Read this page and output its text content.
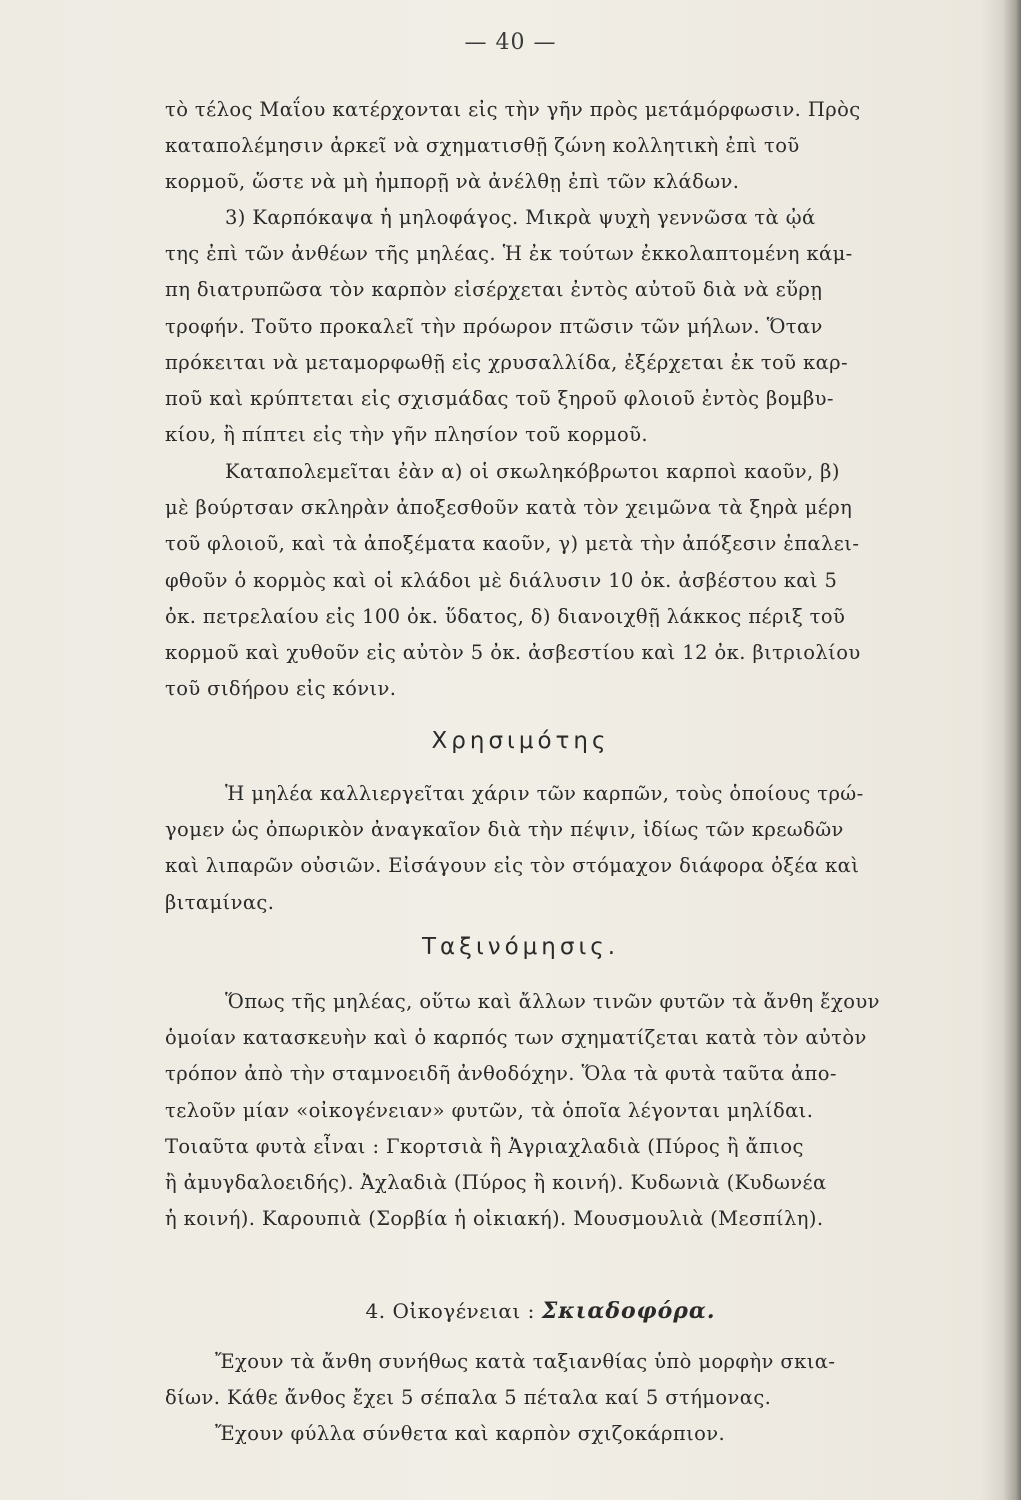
— 40 —
τὸ τέλος Μαΐου κατέρχονται εἰς τὴν γῆν πρὸς μετάμόρφωσιν. Πρὸς
καταπολέμησιν ἀρκεῖ νὰ σχηματισθῇ ζώνη κολλητικὴ ἐπὶ τοῦ
κορμοῦ, ὥστε νὰ μὴ ἠμπορῇ νὰ ἀνέλθῃ ἐπὶ τῶν κλάδων.
3) Καρπόκαψα ἡ μηλοφάγος. Μικρὰ ψυχὴ γεννῶσα τὰ ᾠά
της ἐπὶ τῶν ἀνθέων τῆς μηλέας. Ἡ ἐκ τούτων ἐκκολαπτομένη κάμ-
πη διατρυπῶσα τὸν καρπὸν εἰσέρχεται ἐντὸς αὐτοῦ διὰ νὰ εὕρῃ
τροφήν. Τοῦτο προκαλεῖ τὴν πρόωρον πτῶσιν τῶν μήλων. Ὅταν
πρόκειται νὰ μεταμορφωθῇ εἰς χρυσαλλίδα, ἐξέρχεται ἐκ τοῦ καρ-
ποῦ καὶ κρύπτεται εἰς σχισμάδας τοῦ ξηροῦ φλοιοῦ ἐντὸς βομβυ-
κίου, ἢ πίπτει εἰς τὴν γῆν πλησίον τοῦ κορμοῦ.
Καταπολεμεῖται ἐὰν α) οἱ σκωληκόβρωτοι καρποὶ καοῦν, β)
μὲ βούρτσαν σκληρὰν ἀποξεσθοῦν κατὰ τὸν χειμῶνα τὰ ξηρὰ μέρη
τοῦ φλοιοῦ, καὶ τὰ ἀποξέματα καοῦν, γ) μετὰ τὴν ἀπόξεσιν ἐπαλει-
φθοῦν ὁ κορμὸς καὶ οἱ κλάδοι μὲ διάλυσιν 10 ὀκ. ἀσβέστου καὶ 5
ὀκ. πετρελαίου εἰς 100 ὀκ. ὕδατος, δ) διανοιχθῇ λάκκος πέριξ τοῦ
κορμοῦ καὶ χυθοῦν εἰς αὐτὸν 5 ὀκ. ἀσβεστίου καὶ 12 ὀκ. βιτριολίου
τοῦ σιδήρου εἰς κόνιν.
Χρησιμότης
Ἡ μηλέα καλλιεργεῖται χάριν τῶν καρπῶν, τοὺς ὁποίους τρώ-
γομεν ὡς ὀπωρικὸν ἀναγκαῖον διὰ τὴν πέψιν, ἰδίως τῶν κρεωδῶν
καὶ λιπαρῶν οὐσιῶν. Εἰσάγουν εἰς τὸν στόμαχον διάφορα ὀξέα καὶ
βιταμίνας.
Ταξινόμησις.
Ὅπως τῆς μηλέας, οὕτω καὶ ἄλλων τινῶν φυτῶν τὰ ἄνθη ἔχουν
ὁμοίαν κατασκευὴν καὶ ὁ καρπός των σχηματίζεται κατὰ τὸν αὐτὸν
τρόπον ἀπὸ τὴν σταμνοειδῆ ἀνθοδόχην. Ὅλα τὰ φυτὰ ταῦτα ἀπο-
τελοῦν μίαν «οἰκογένειαν» φυτῶν, τὰ ὁποῖα λέγονται μηλίδαι.
Τοιαῦτα φυτὰ εἶναι : Γκορτσιὰ ἢ Ἀγριαχλαδιὰ (Πύρος ἢ ἄπιος
ἢ ἀμυγδαλοειδής). Ἀχλαδιὰ (Πύρος ἢ κοινή). Κυδωνιὰ (Κυδωνέα
ἡ κοινή). Καρουπιὰ (Σορβία ἡ οἰκιακή). Μουσμουλιὰ (Μεσπίλη).
4. Οἰκογένειαι : Σκιαδοφόρα.
Ἔχουν τὰ ἄνθη συνήθως κατὰ ταξιανθίας ὑπὸ μορφὴν σκια-
δίων. Κάθε ἄνθος ἔχει 5 σέπαλα 5 πέταλα καί 5 στήμονας.
Ἔχουν φύλλα σύνθετα καὶ καρπὸν σχιζοκάρπιον.
